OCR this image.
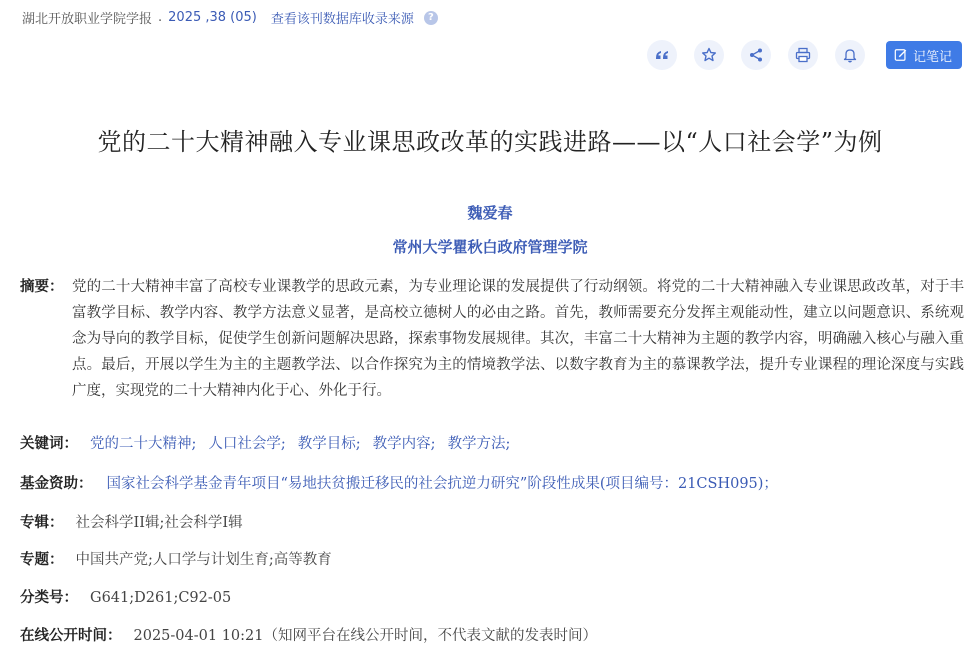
湖北开放职业学院学报 . 2025 ,38 (05) 查看该刊数据库收录来源	?
记笔记
党的二十大精神融入专业课思政改革的实践进路——以“人口社会学”为例
魏爱春
常州大学瞿秋白政府管理学院
摘要： 党的二十大精神丰富了高校专业课教学的思政元素，为专业理论课的发展提供了行动纲领。将党的二十大精神融入专业课思政改革，对于丰富教学目标、教学内容、教学方法意义显著，是高校立德树人的必由之路。首先，教师需要充分发挥主观能动性，建立以问题意识、系统观念为导向的教学目标，促使学生创新问题解决思路，探索事物发展规律。其次，丰富二十大精神为主题的教学内容，明确融入核心与融入重点。最后，开展以学生为主的主题教学法、以合作探究为主的情境教学法、以数字教育为主的慕课教学法，提升专业课程的理论深度与实践广度，实现党的二十大精神内化于心、外化于行。
关键词： 党的二十大精神; 人口社会学; 教学目标; 教学内容; 教学方法;
基金资助： 国家社会科学基金青年项目“易地扶贫搬迁移民的社会抗逆力研究”阶段性成果(项目编号：21CSH095)；
专辑： 社会科学II辑;社会科学I辑
专题： 中国共产党;人口学与计划生育;高等教育
分类号： G641;D261;C92-05
在线公开时间： 2025-04-01 10:21（知网平台在线公开时间，不代表文献的发表时间）
